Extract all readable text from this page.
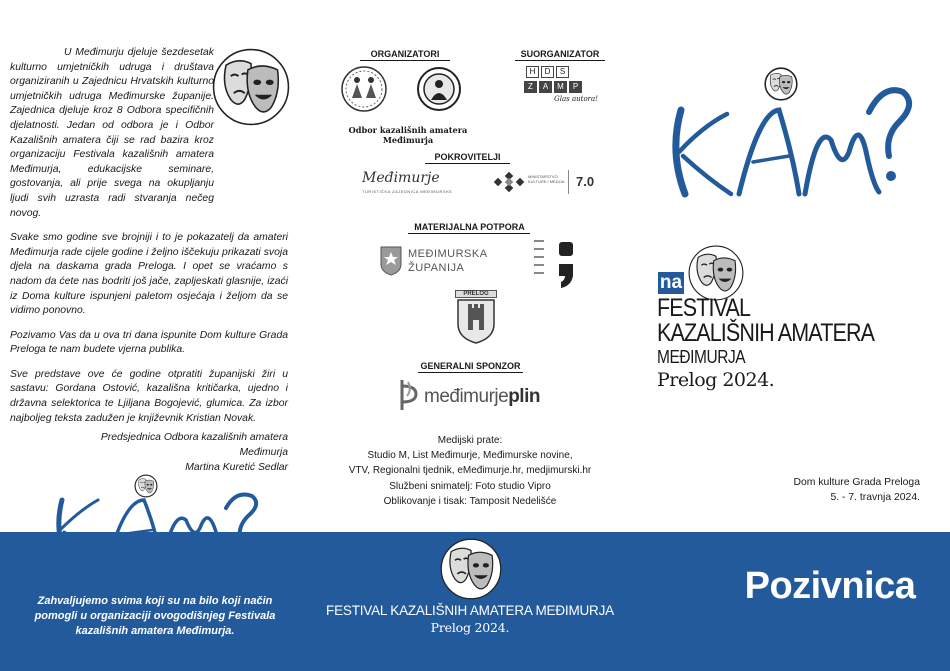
U Međimurju djeluje šezdesetak kulturno umjetničkih udruga i društava organiziranih u Zajednicu Hrvatskih kulturno umjetničkih udruga Međimurske županije. Zajednica djeluje kroz 8 Odbora specifičnih djelatnosti. Jedan od odbora je i Odbor Kazališnih amatera čiji se rad bazira kroz organizaciju Festivala kazališnih amatera Međimurja, edukacijske seminare, gostovanja, ali prije svega na okupljanju ljudi svih uzrasta radi stvaranja nečeg novog.

Svake smo godine sve brojniji i to je pokazatelj da amateri Međimurja rade cijele godine i željno iščekuju prikazati svoja djela na daskama grada Preloga. I opet se vraćamo s nadom da ćete nas bodriti još jače, zapljeskati glasnije, izaći iz Doma kulture ispunjeni paletom osjećaja i željom da se vidimo ponovno.

Pozivamo Vas da u ova tri dana ispunite Dom kulture Grada Preloga te nam budete vjerna publika.

Sve predstave ove će godine otpratiti županijski žiri u sastavu: Gordana Ostović, kazališna kritičarka, ujedno i državna selektorica te Ljiljana Bogojević, glumica. Za izbor najboljeg teksta zadužen je književnik Kristian Novak.

Predsjednica Odbora kazališnih amatera Međimurja
Martina Kuretić Sedlar
ORGANIZATORI
Odbor kazališnih amatera Međimurja
SUORGANIZATOR
H	D	S
Z	A	M	P
Glas autora!
POKROVITELJI
Međimurje
TURISTIČKA ZAJEDNICA MEĐIMURSKE
MINISTARSTVO KULTURE I MEDIJA 7.0
MATERIJALNA POTPORA
MEĐIMURSKA
ŽUPANIJA
PRELOG
GENERALNI SPONZOR
međimurjeplin
Medijski prate:
Studio M, List Međimurje, Međimurske novine,
VTV, Regionalni tjednik, eMeđimurje.hr, medjimurski.hr
Službeni snimatelj: Foto studio Vipro
Oblikovanje i tisak: Tamposit Nedelišće
na
FESTIVAL
KAZALIŠNIH AMATERA
MEĐIMURJA
Prelog 2024.
Dom kulture Grada Preloga
5. - 7. travnja 2024.
Zahvaljujemo svima koji su na bilo koji način pomogli u organizaciji ovogodišnjeg Festivala kazališnih amatera Međimurja.
FESTIVAL KAZALIŠNIH AMATERA MEĐIMURJA
Prelog 2024.
Pozivnica
